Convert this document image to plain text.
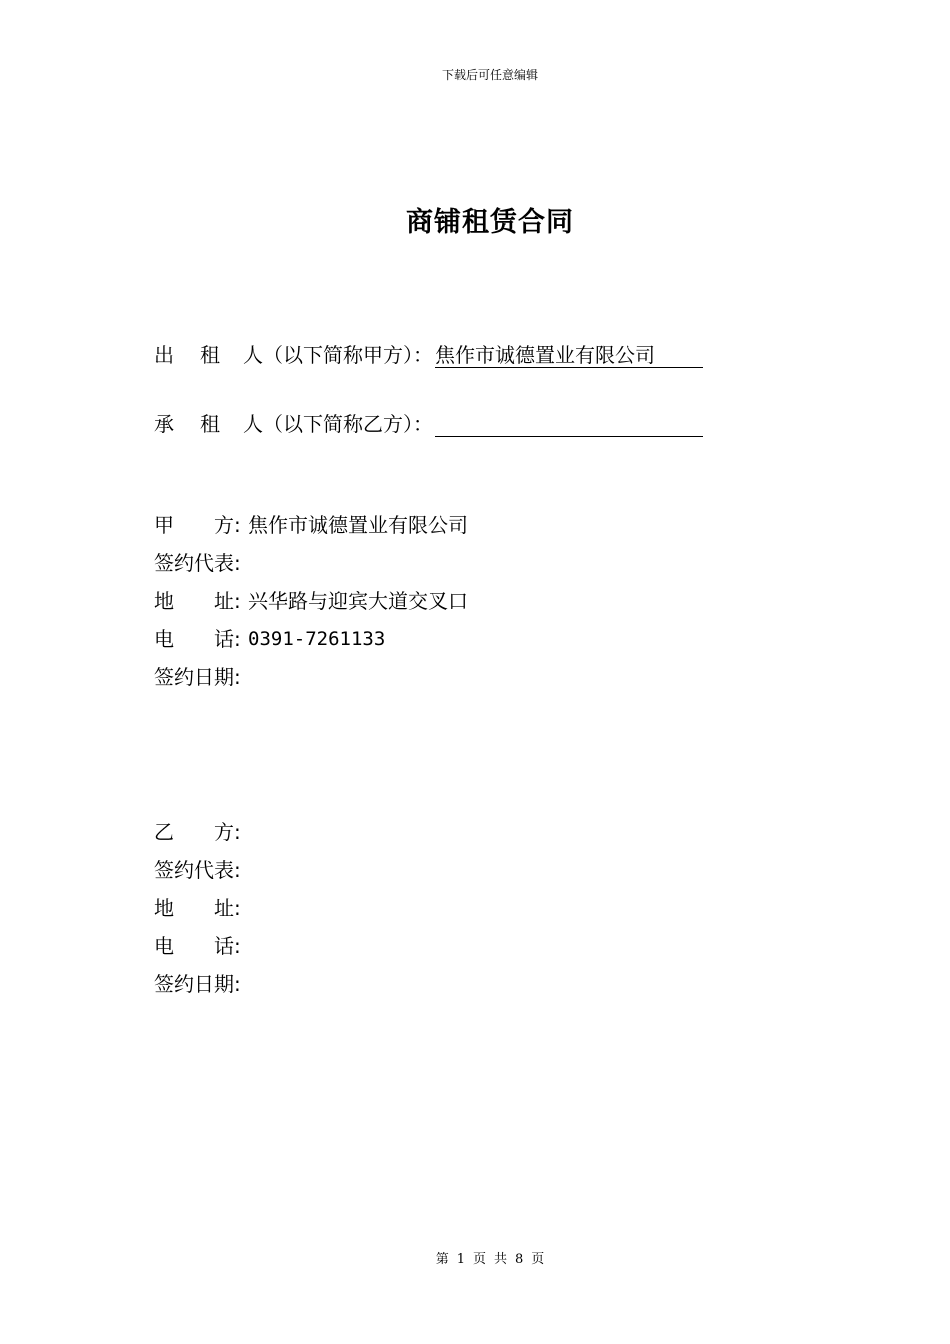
下载后可任意编辑
商铺租赁合同
出 租 人（以下简称甲方）： 焦作市诚德置业有限公司
承 租 人（以下简称乙方）：
甲 方 : 焦作市诚德置业有限公司
签约代表 :
地 址 : 兴华路与迎宾大道交叉口
电 话 : 0391-7261133
签约日期 :
乙 方 :
签约代表 :
地 址 :
电 话 :
签约日期 :
第 1 页 共 8 页
